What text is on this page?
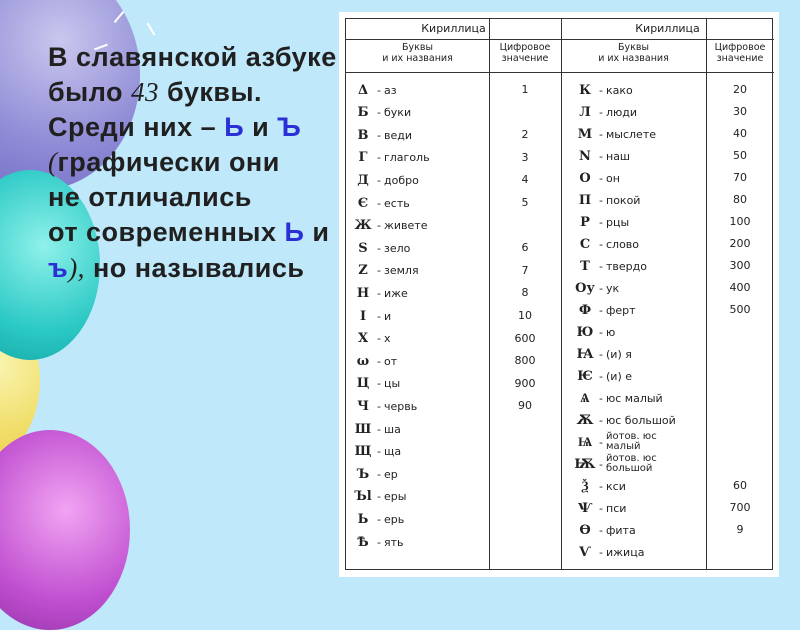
В славянской азбуке
было 43 буквы.
Среди них – Ь и Ъ
(графически они
не отличались
от современных Ь и
ъ), но назывались
Кириллица	Кириллица
Буквы
и их названия
Цифровое
значение
Буквы
и их названия
Цифровое
значение
Δ - аз	1
Б - буки
В - веди	2
Г - глаголь	3
Д - добро	4
Є - есть	5
Ж - живете
Ѕ - зело	6
Ζ - земля	7
Н - иже	8
І - и	10
Х - х	600
ω - от	800
Ц - цы	900
Ч - червь	90
Ш - ша
Щ - ща
Ъ - ер
Ъl - еры
Ь - ерь
Ѣ - ять
К - како	20
Л - люди	30
М - мыслете	40
N - наш	50
О - он	70
П - покой	80
Р - рцы	100
С - слово	200
Т - твердо	300
Оу - ук	400
Ф - ферт	500
Ю - ю
Ꙗ - (и) я
Ѥ - (и) е
Ѧ - юс малый
Ѫ - юс большой
Ѩ - йотов. юс малый
Ѭ - йотов. юс большой
Ѯ - кси	60
Ѱ - пси	700
Ѳ - фита	9
Ѵ - ижица
